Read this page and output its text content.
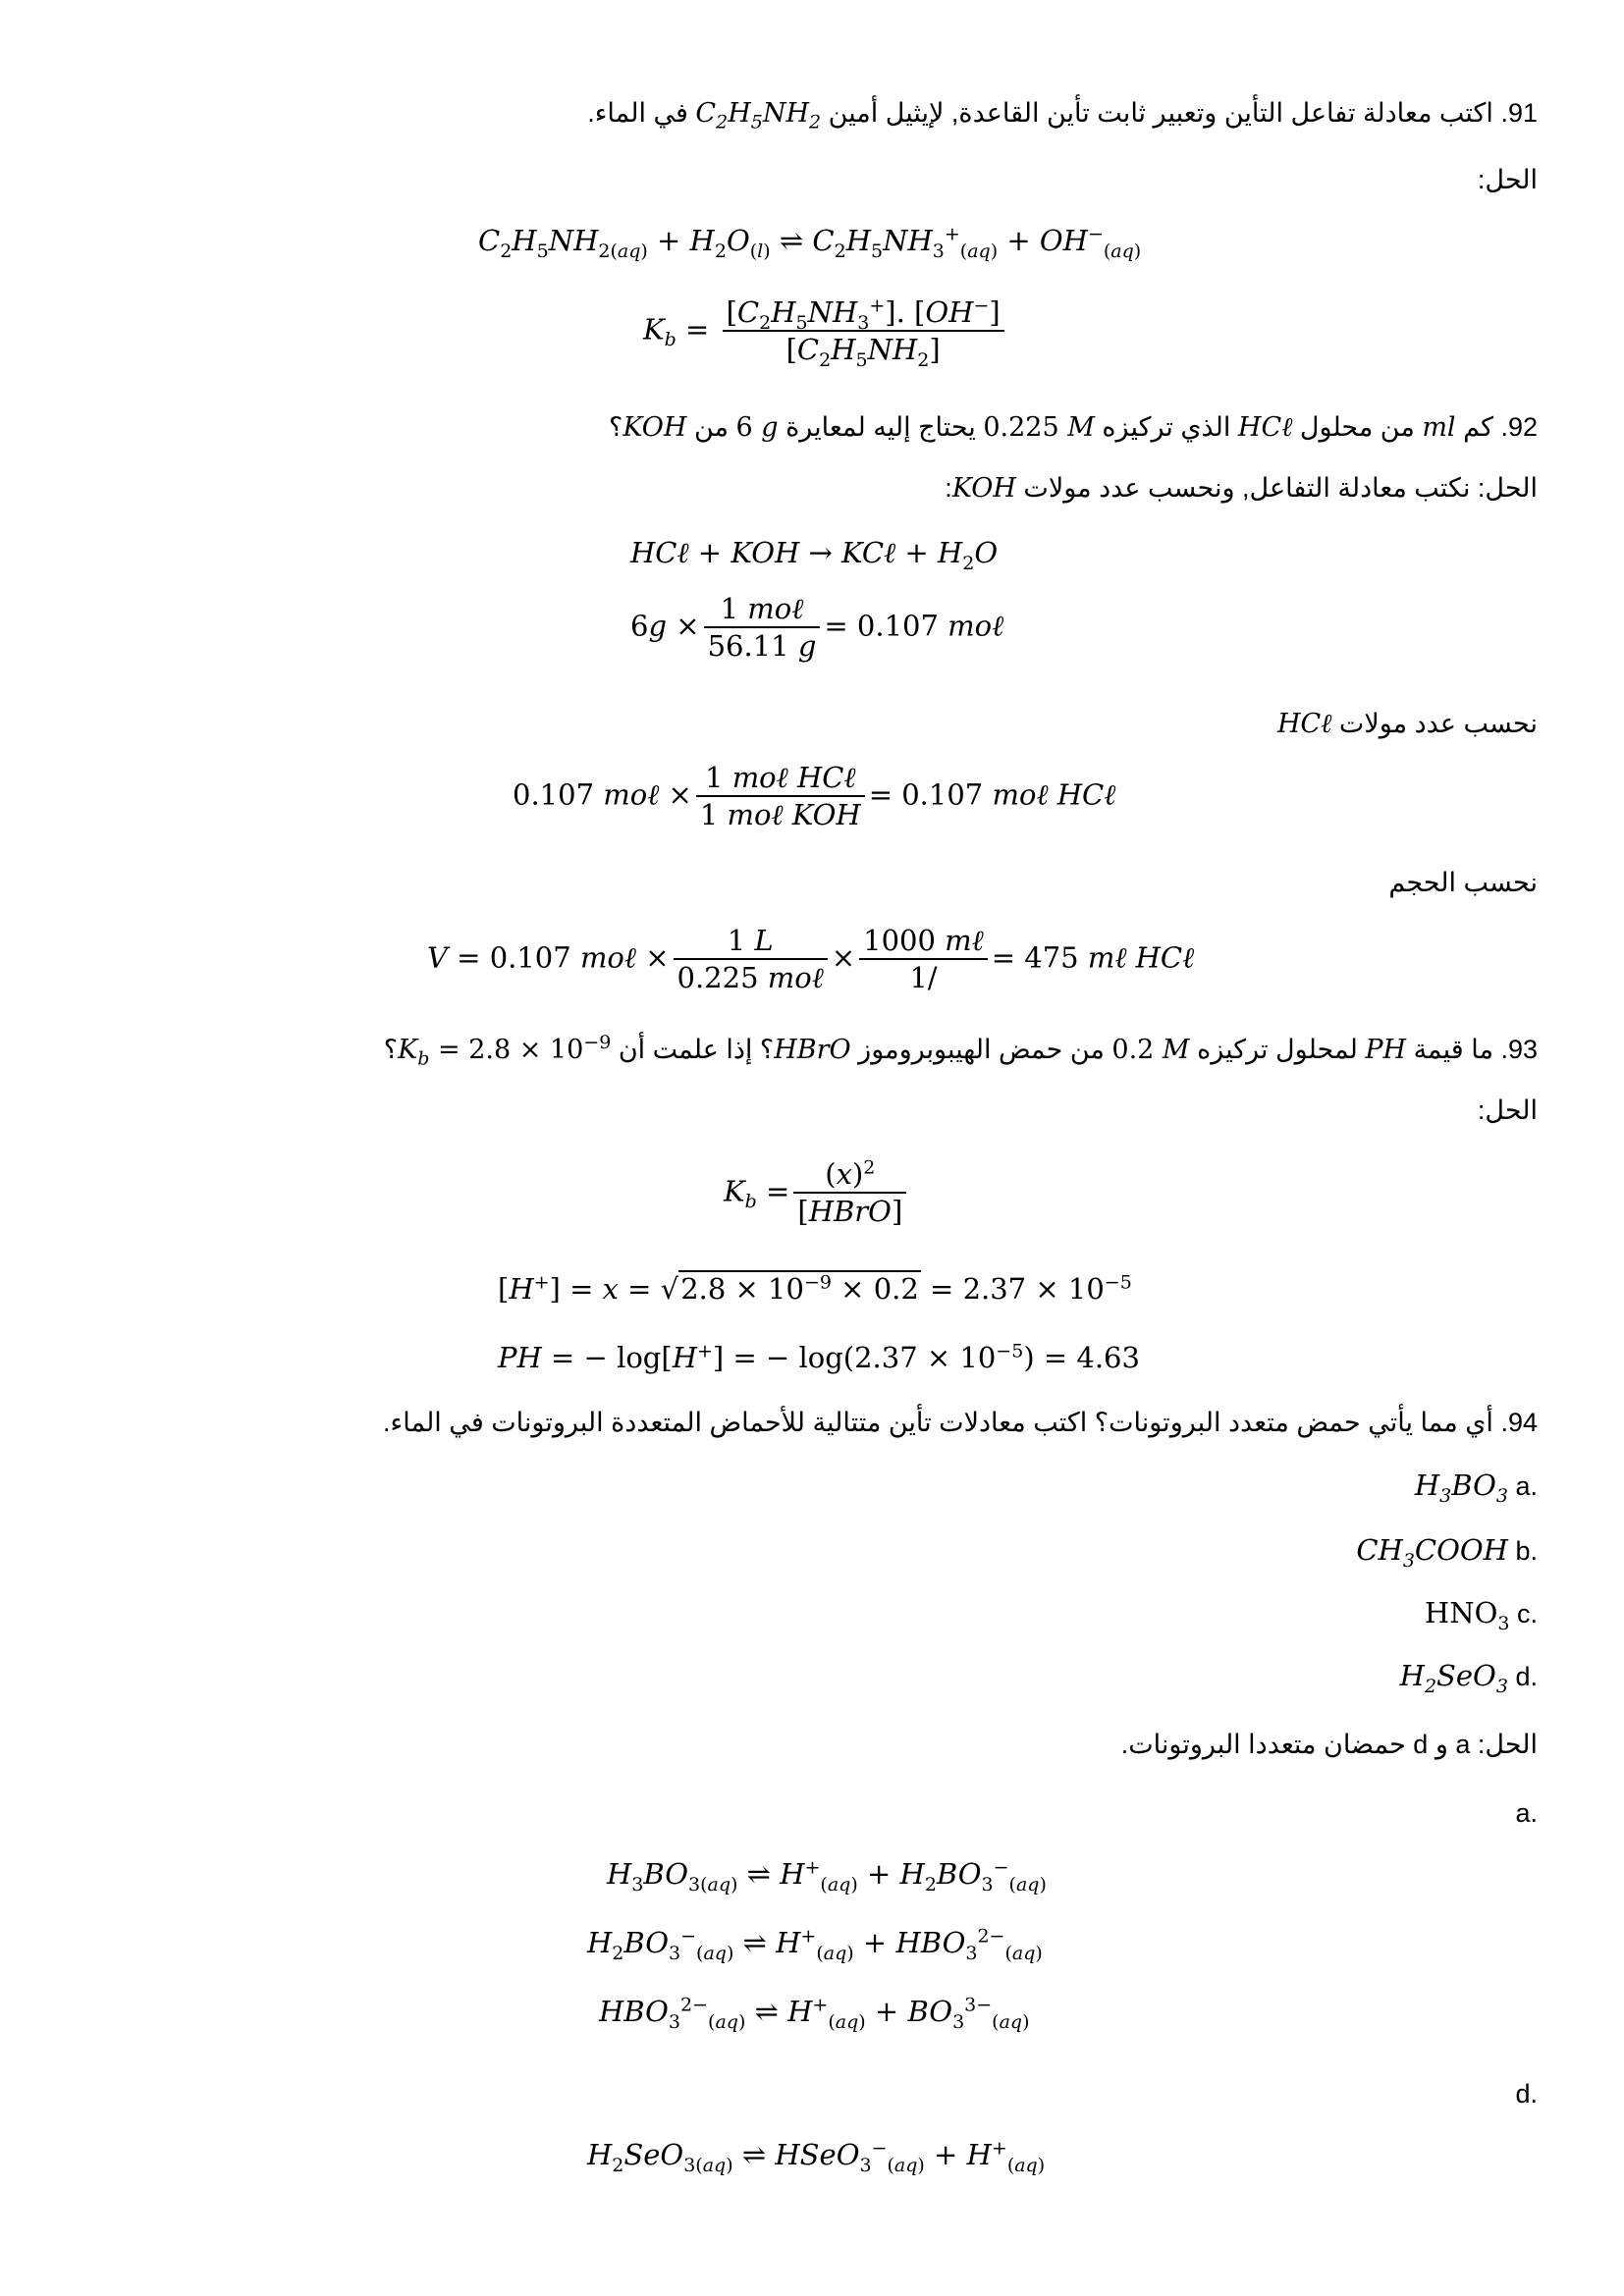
91. اكتب معادلة تفاعل التأين وتعبير ثابت تأين القاعدة, لإيثيل أمين $C_2H_5NH_2$ في الماء.
الحل:
$C_2H_5NH_{2(aq)} + H_2O_{(l)}$ ⇌ $C_2H_5NH_3^+_{(aq)} + OH^-_{(aq)}$
$K_b = \frac{[C_2H_5NH_3^+]. [OH^-]}{[C_2H_5NH_2]}$
92. كم ml من محلول HCℓ الذي تركيزه 0.225 M يحتاج إليه لمعايرة 6 g من KOH؟
الحل: نكتب معادلة التفاعل, ونحسب عدد مولات KOH:
HCℓ + KOH → KCℓ + $H_2O$
$6g \times \frac{\text{1 moℓ}}{56.11 g} = 0.107$ moℓ
نحسب عدد مولات HCℓ
0.107 moℓ × $\frac{\text{1 moℓ HCℓ}}{\text{1 moℓ KOH}} = 0.107$ moℓ HCℓ
نحسب الحجم
V = 0.107 moℓ × $\frac{1 L}{\text{0.225 moℓ}} \times \frac{\text{1000 mℓ}}{1/} = 475$ mℓ HCℓ
93. ما قيمة PH لمحلول تركيزه 0.2 M من حمض الهيبوبروموز HBrO؟ إذا علمت أن $K_b = 2.8$ × $10^{-9}؟$
الحل:
$K_b = \frac{(x)^2}{\text{[HBrO]}}$
$[H^+] = x = √2.8 \times 10^{-9} \times 0.2 = 2.37 \times 10^{-5}$
PH = − log[H+] = − $\log(2.37 \times 10^{-5}) = 4.63$
94. أي مما يأتي حمض متعدد البروتونات؟ اكتب معادلات تأين متتالية للأحماض المتعددة البروتونات في الماء.
.a $H_3BO_3$
.b $CH_3COOH$
.c $HNO_3$
.d $H_2SeO_3$
الحل: a و d حمضان متعددا البروتونات.
.a
$H_3BO_{3(aq)}$ ⇌ $H^+_{(aq)} + H_2BO_3^-_{(aq)}$
$H_2BO_3^-_{(aq)}$ ⇌ $H^+_{(aq)} + HBO_3^{2-}_{(aq)}$
$HBO_3^{2-}_{(aq)}$ ⇌ $H^+_{(aq)} + BO_3^{3-}_{(aq)}$
.d
$H_2SeO_{3(aq)}$ ⇌ HSeO$_3$−$_{(aq)}$ + $H^+_{(aq)}$
